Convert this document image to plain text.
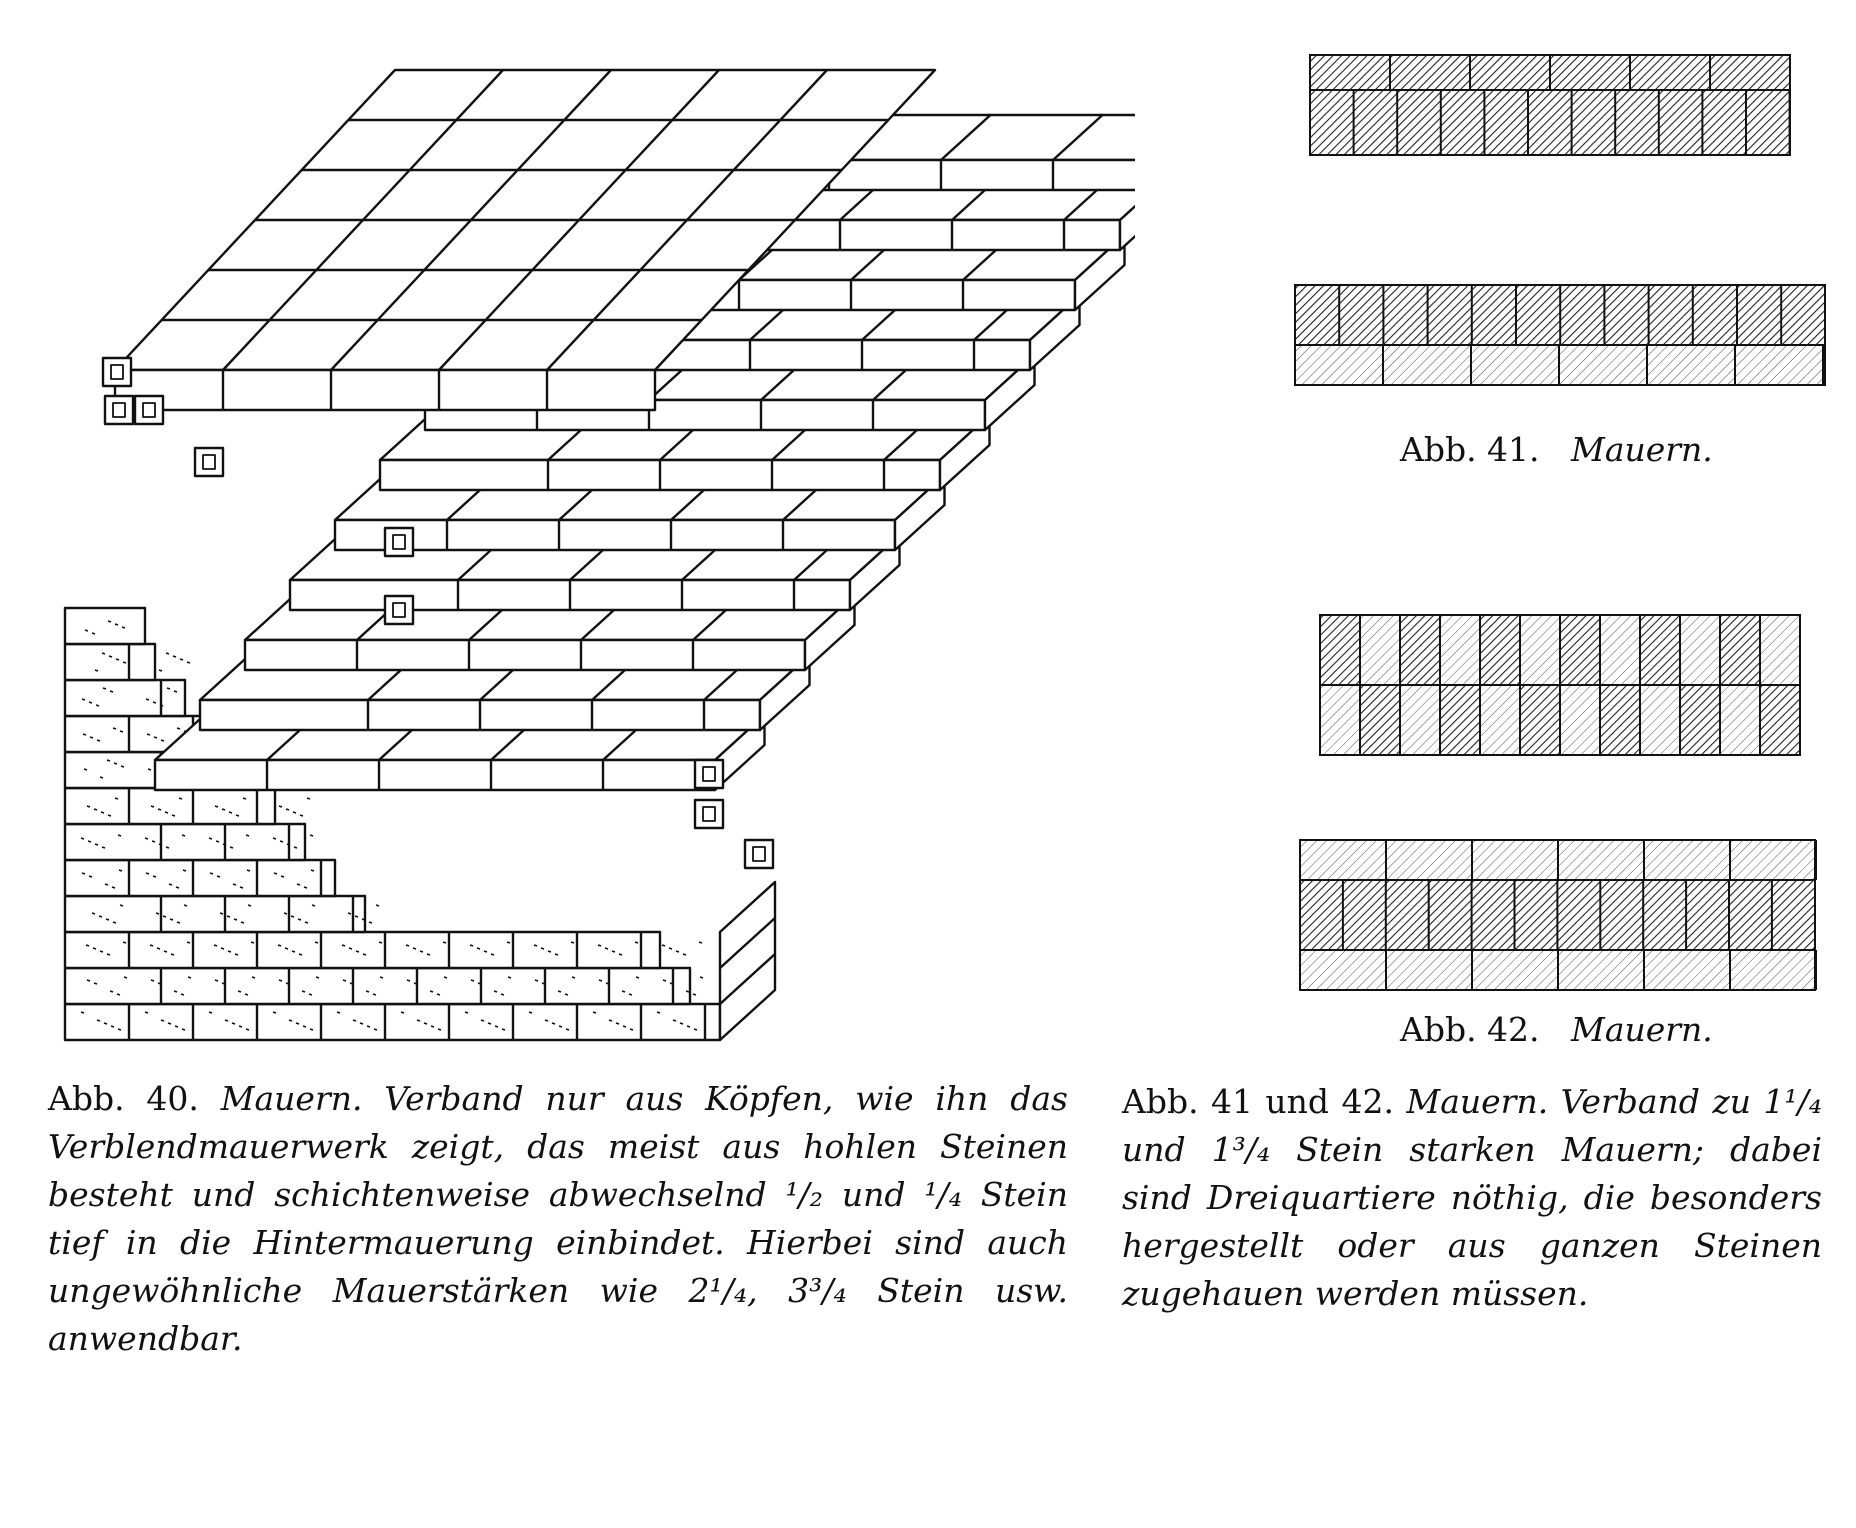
Abb. 41. Mauern.
Abb. 42. Mauern.
Abb. 40. Mauern. Verband nur aus Köpfen, wie ihn das Verblendmauerwerk zeigt, das meist aus hohlen Steinen besteht und schichtenweise abwechselnd ¹/₂ und ¹/₄ Stein tief in die Hintermauerung einbindet. Hierbei sind auch ungewöhnliche Mauerstärken wie 2¹/₄, 3³/₄ Stein usw. anwendbar.
Abb. 41 und 42. Mauern. Verband zu 1¹/₄ und 1³/₄ Stein starken Mauern; dabei sind Dreiquartiere nöthig, die besonders hergestellt oder aus ganzen Steinen zugehauen werden müssen.
